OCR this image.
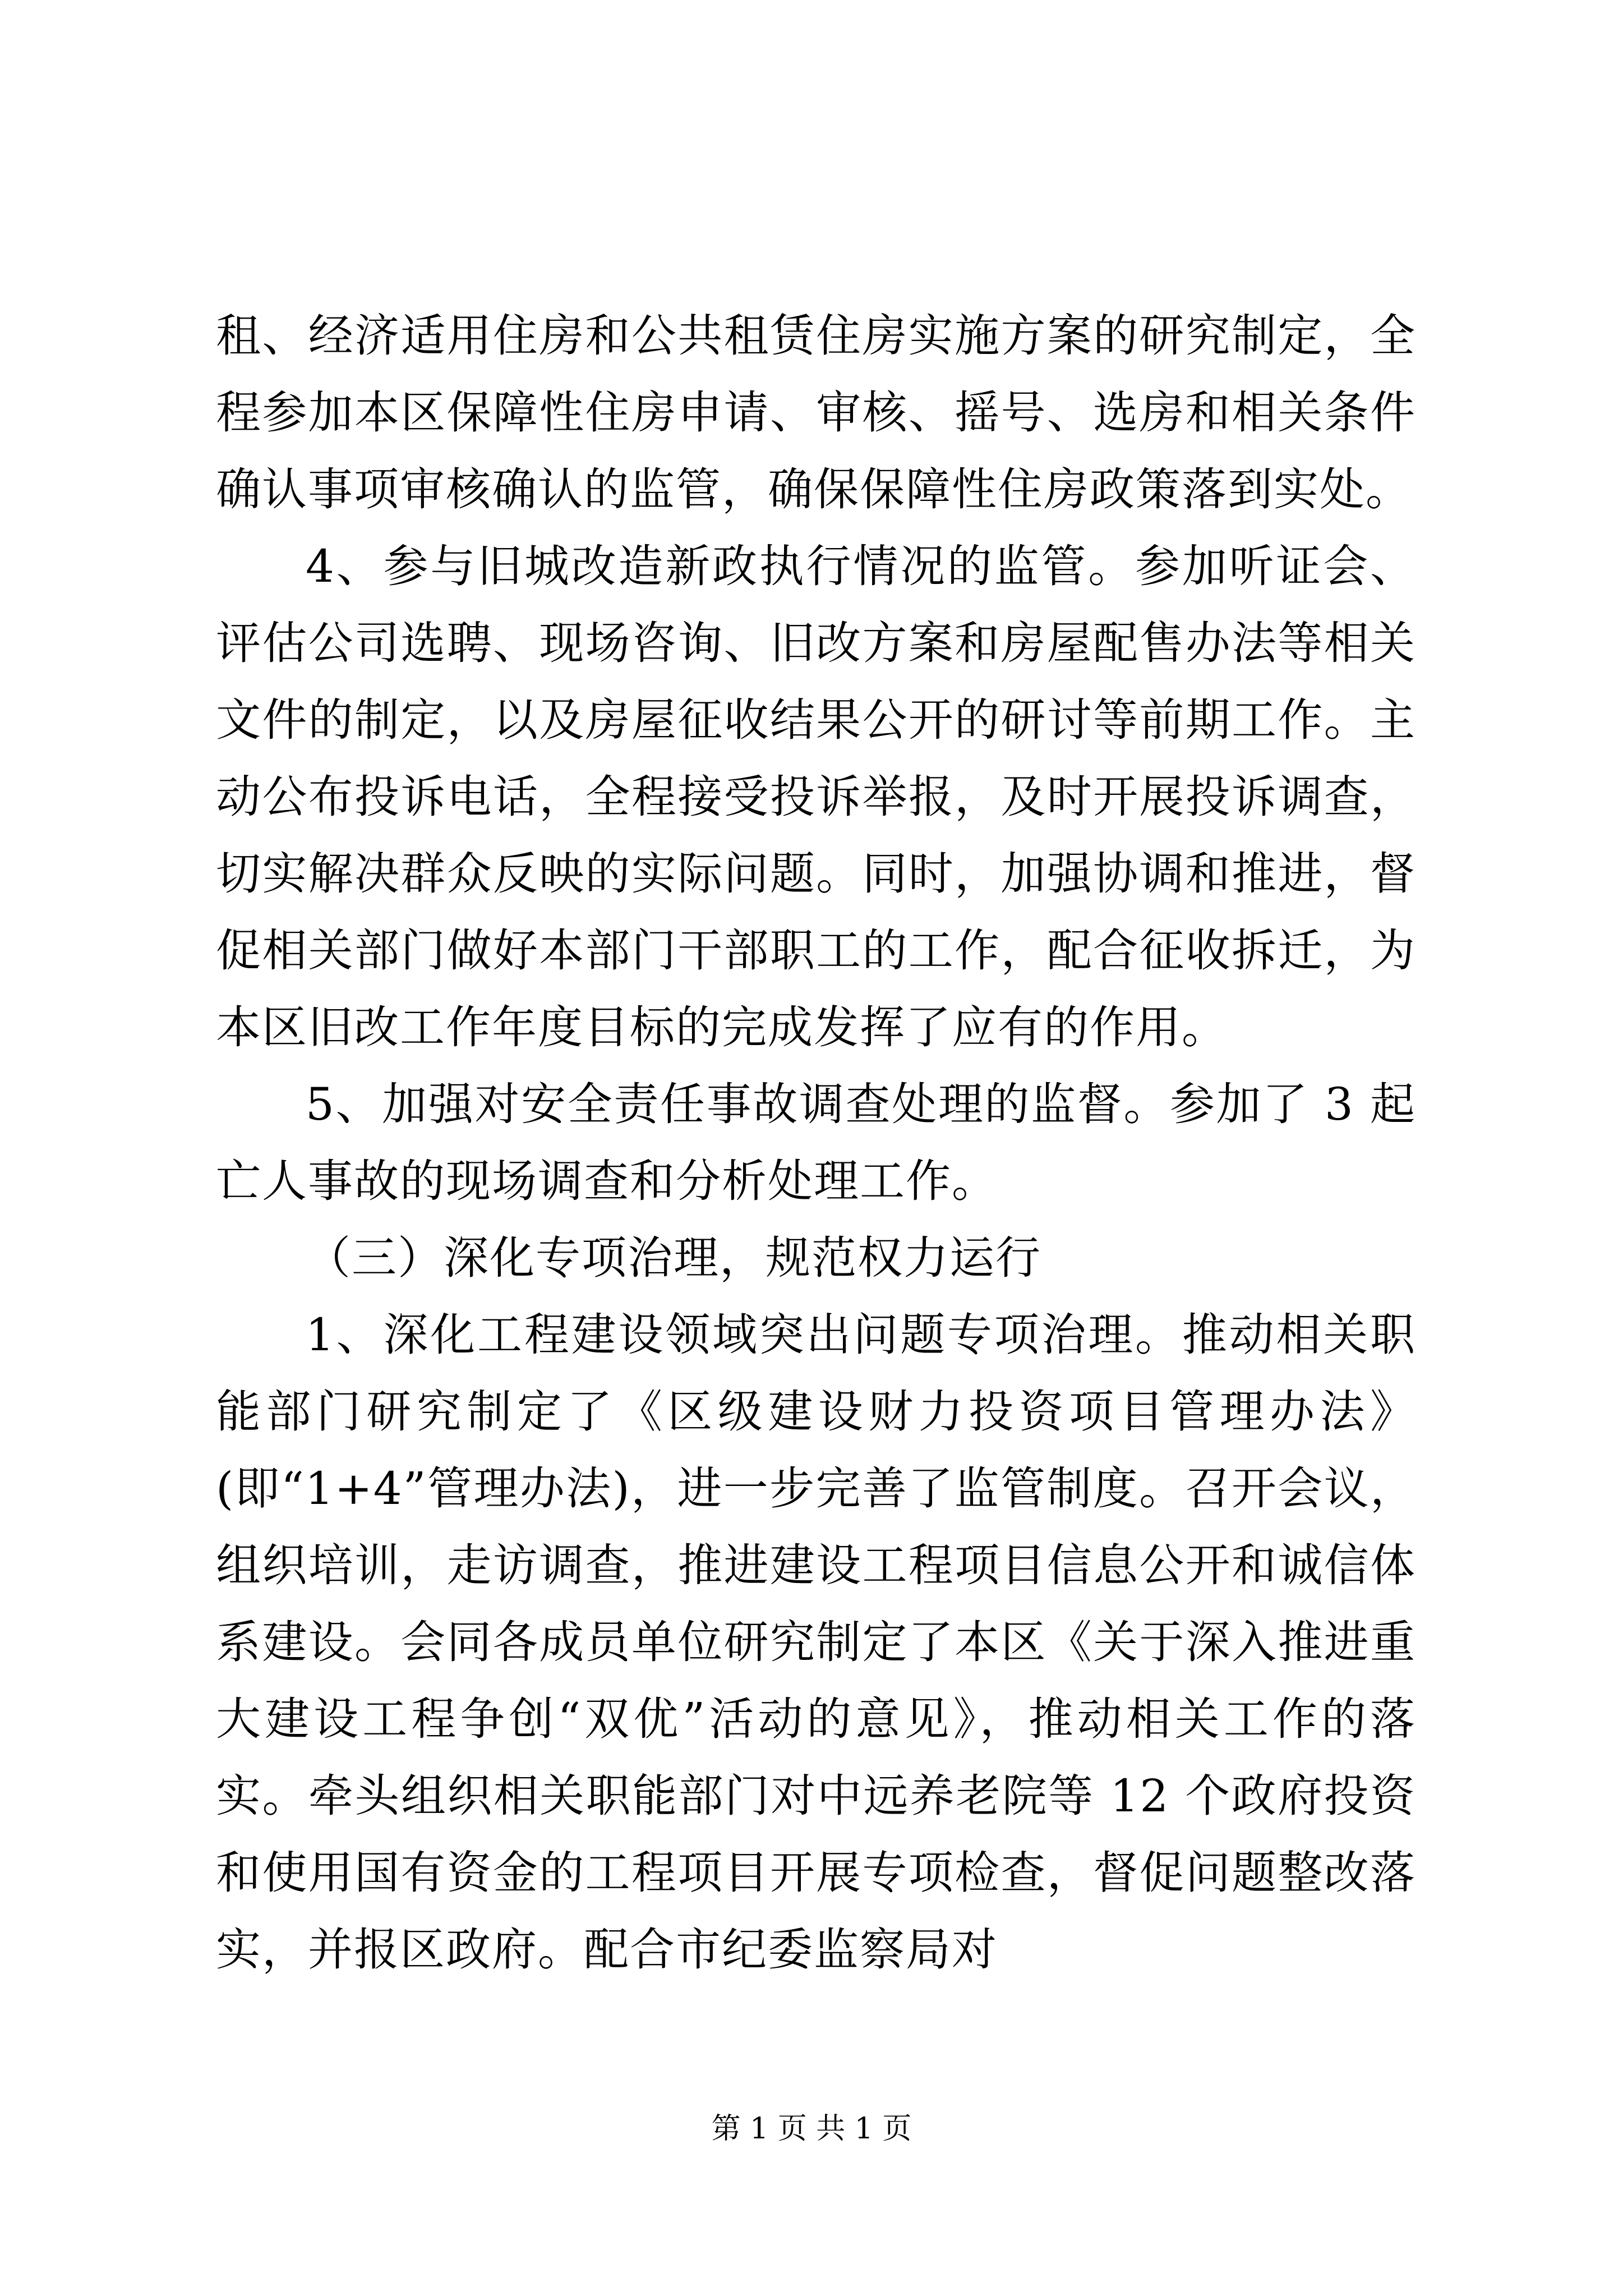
租、经济适用住房和公共租赁住房实施方案的研究制定，全程参加本区保障性住房申请、审核、摇号、选房和相关条件确认事项审核确认的监管，确保保障性住房政策落到实处。

4、参与旧城改造新政执行情况的监管。参加听证会、评估公司选聘、现场咨询、旧改方案和房屋配售办法等相关文件的制定，以及房屋征收结果公开的研讨等前期工作。主动公布投诉电话，全程接受投诉举报，及时开展投诉调查，切实解决群众反映的实际问题。同时，加强协调和推进，督促相关部门做好本部门干部职工的工作，配合征收拆迁，为本区旧改工作年度目标的完成发挥了应有的作用。

5、加强对安全责任事故调查处理的监督。参加了 3 起亡人事故的现场调查和分析处理工作。

（三）深化专项治理，规范权力运行

1、深化工程建设领域突出问题专项治理。推动相关职能部门研究制定了《区级建设财力投资项目管理办法》(即“1+4”管理办法)，进一步完善了监管制度。召开会议，组织培训，走访调查，推进建设工程项目信息公开和诚信体系建设。会同各成员单位研究制定了本区《关于深入推进重大建设工程争创“双优”活动的意见》，推动相关工作的落实。牵头组织相关职能部门对中远养老院等 12 个政府投资和使用国有资金的工程项目开展专项检查，督促问题整改落实，并报区政府。配合市纪委监察局对

第 1 页 共 1 页
